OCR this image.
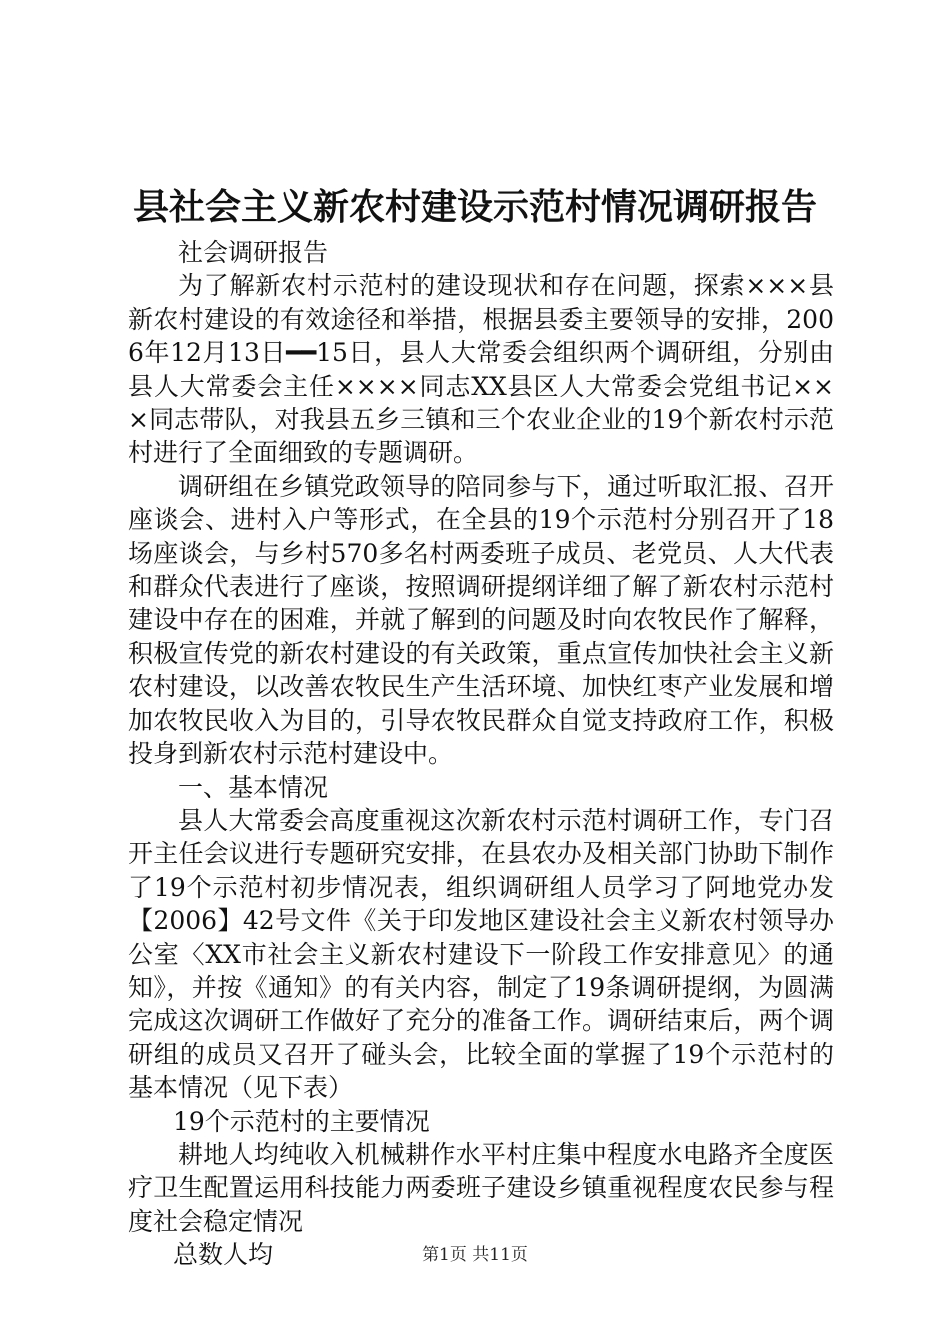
县社会主义新农村建设示范村情况调研报告

社会调研报告

为了解新农村示范村的建设现状和存在问题，探索×××县新农村建设的有效途径和举措，根据县委主要领导的安排，2006年12月13日━━15日，县人大常委会组织两个调研组，分别由县人大常委会主任××××同志XX县区人大常委会党组书记×××同志带队，对我县五乡三镇和三个农业企业的19个新农村示范村进行了全面细致的专题调研。

调研组在乡镇党政领导的陪同参与下，通过听取汇报、召开座谈会、进村入户等形式，在全县的19个示范村分别召开了18场座谈会，与乡村570多名村两委班子成员、老党员、人大代表和群众代表进行了座谈，按照调研提纲详细了解了新农村示范村建设中存在的困难，并就了解到的问题及时向农牧民作了解释，积极宣传党的新农村建设的有关政策，重点宣传加快社会主义新农村建设，以改善农牧民生产生活环境、加快红枣产业发展和增加农牧民收入为目的，引导农牧民群众自觉支持政府工作，积极投身到新农村示范村建设中。

一、基本情况

县人大常委会高度重视这次新农村示范村调研工作，专门召开主任会议进行专题研究安排，在县农办及相关部门协助下制作了19个示范村初步情况表，组织调研组人员学习了阿地党办发【2006】42号文件《关于印发地区建设社会主义新农村领导办公室〈XX市社会主义新农村建设下一阶段工作安排意见〉的通知》，并按《通知》的有关内容，制定了19条调研提纲，为圆满完成这次调研工作做好了充分的准备工作。调研结束后，两个调研组的成员又召开了碰头会，比较全面的掌握了19个示范村的基本情况（见下表）

19个示范村的主要情况

耕地人均纯收入机械耕作水平村庄集中程度水电路齐全度医疗卫生配置运用科技能力两委班子建设乡镇重视程度农民参与程度社会稳定情况

总数人均	第1页 共11页
